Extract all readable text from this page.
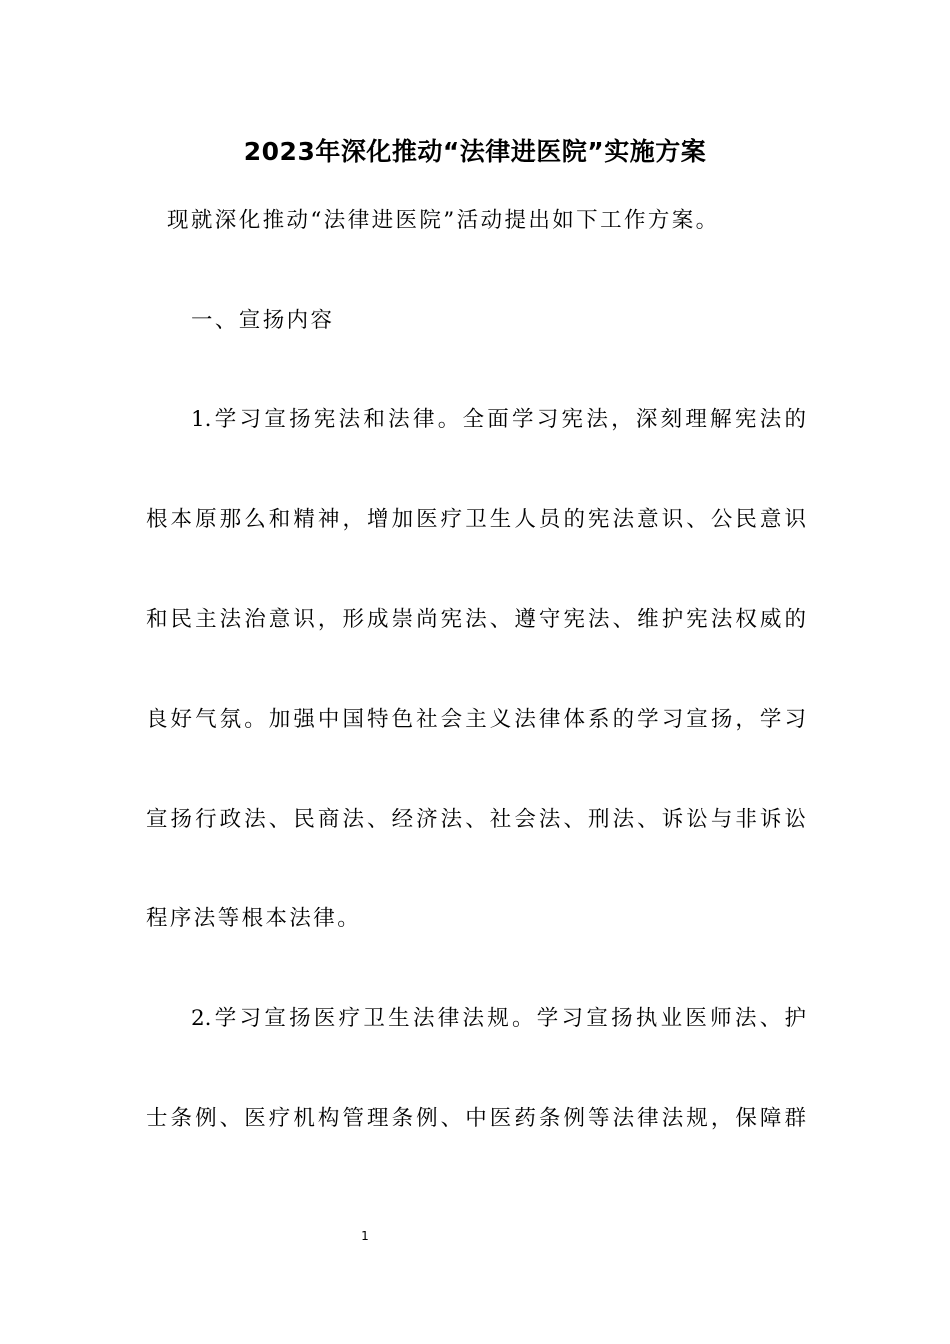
2023年深化推动“法律进医院”实施方案
现就深化推动“法律进医院”活动提出如下工作方案。
一、宣扬内容
1.学习宣扬宪法和法律。全面学习宪法，深刻理解宪法的
根本原那么和精神，增加医疗卫生人员的宪法意识、公民意识
和民主法治意识，形成崇尚宪法、遵守宪法、维护宪法权威的
良好气氛。加强中国特色社会主义法律体系的学习宣扬，学习
宣扬行政法、民商法、经济法、社会法、刑法、诉讼与非诉讼
程序法等根本法律。
2.学习宣扬医疗卫生法律法规。学习宣扬执业医师法、护
士条例、医疗机构管理条例、中医药条例等法律法规，保障群
1
